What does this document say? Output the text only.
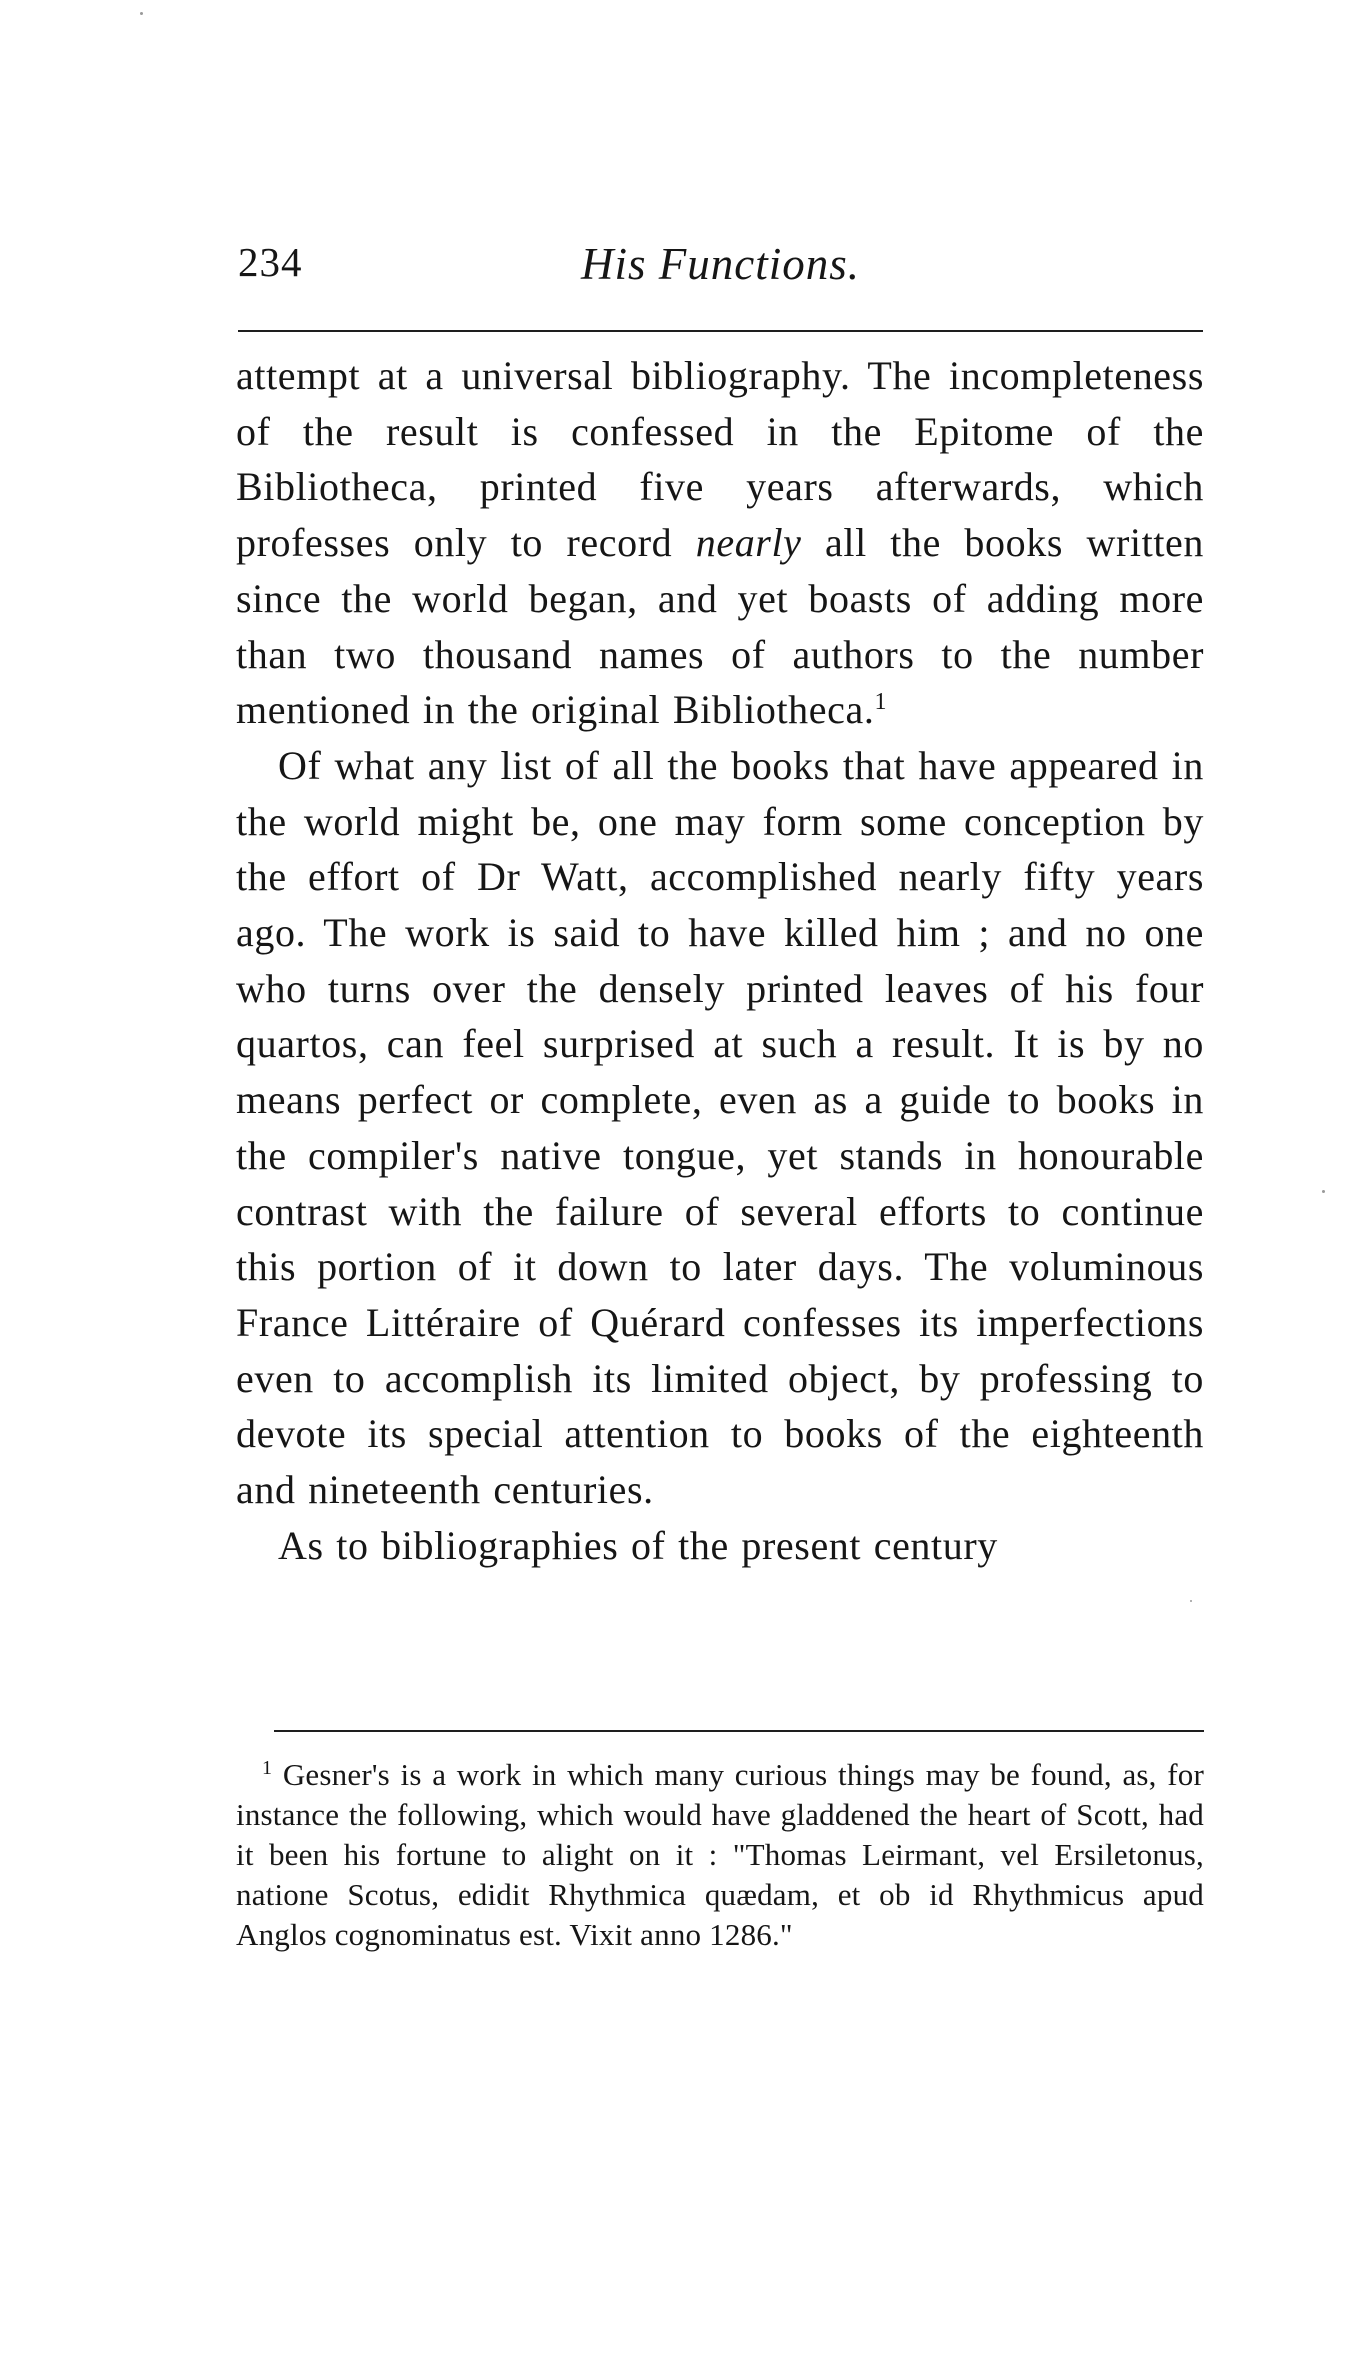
234	His Functions.

attempt at a universal bibliography. The incompleteness of the result is confessed in the Epitome of the Bibliotheca, printed five years afterwards, which professes only to record nearly all the books written since the world began, and yet boasts of adding more than two thousand names of authors to the number mentioned in the original Bibliotheca.$^1$

Of what any list of all the books that have appeared in the world might be, one may form some conception by the effort of Dr Watt, accomplished nearly fifty years ago. The work is said to have killed him ; and no one who turns over the densely printed leaves of his four quartos, can feel surprised at such a result. It is by no means perfect or complete, even as a guide to books in the compiler's native tongue, yet stands in honourable contrast with the failure of several efforts to continue this portion of it down to later days. The voluminous France Littéraire of Quérard confesses its imperfections even to accomplish its limited object, by professing to devote its special attention to books of the eighteenth and nineteenth centuries.

As to bibliographies of the present century

$^1$ Gesner's is a work in which many curious things may be found, as, for instance the following, which would have gladdened the heart of Scott, had it been his fortune to alight on it : "Thomas Leirmant, vel Ersiletonus, natione Scotus, edidit Rhythmica quædam, et ob id Rhythmicus apud Anglos cognominatus est. Vixit anno 1286."
